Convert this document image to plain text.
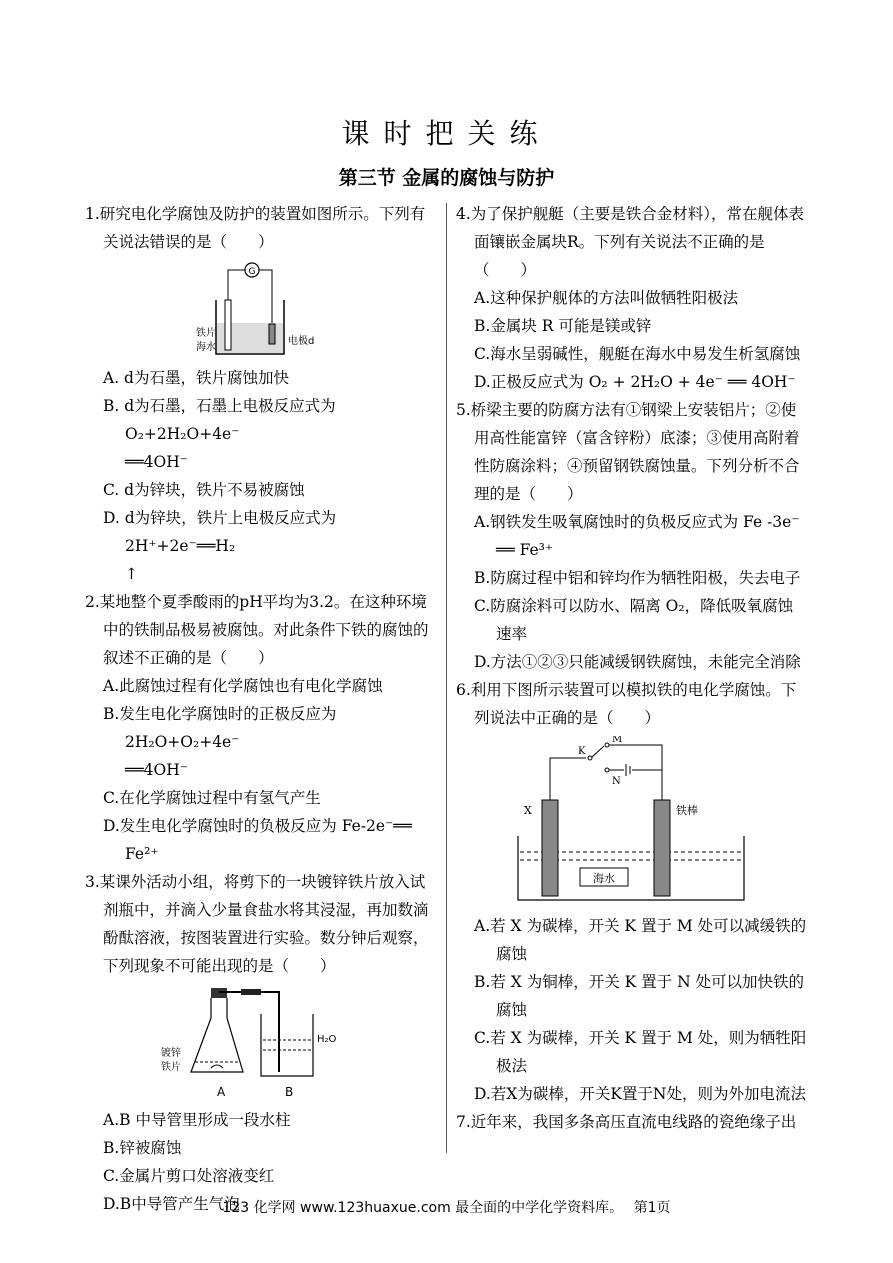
课时把关练
第三节 金属的腐蚀与防护
1.研究电化学腐蚀及防护的装置如图所示。下列有关说法错误的是（　　）
G
铁片
海水
电极d
A. d为石墨，铁片腐蚀加快
B. d为石墨，石墨上电极反应式为 O₂+2H₂O+4e⁻
══4OH⁻
C. d为锌块，铁片不易被腐蚀
D. d为锌块，铁片上电极反应式为 2H⁺+2e⁻══H₂
↑
2.某地整个夏季酸雨的pH平均为3.2。在这种环境中的铁制品极易被腐蚀。对此条件下铁的腐蚀的叙述不正确的是（　　）
A.此腐蚀过程有化学腐蚀也有电化学腐蚀
B.发生电化学腐蚀时的正极反应为 2H₂O+O₂+4e⁻
══4OH⁻
C.在化学腐蚀过程中有氢气产生
D.发生电化学腐蚀时的负极反应为 Fe-2e⁻══
Fe²⁺
3.某课外活动小组，将剪下的一块镀锌铁片放入试剂瓶中，并滴入少量食盐水将其浸湿，再加数滴酚酞溶液，按图装置进行实验。数分钟后观察，下列现象不可能出现的是（　　）
镀锌
铁片
H₂O
A	B
A.B 中导管里形成一段水柱
B.锌被腐蚀
C.金属片剪口处溶液变红
D.B中导管产生气泡
4.为了保护舰艇（主要是铁合金材料），常在舰体表面镶嵌金属块R。下列有关说法不正确的是（　　）
A.这种保护舰体的方法叫做牺牲阳极法
B.金属块 R 可能是镁或锌
C.海水呈弱碱性，舰艇在海水中易发生析氢腐蚀
D.正极反应式为 O₂ + 2H₂O + 4e⁻ ══ 4OH⁻
5.桥梁主要的防腐方法有①钢梁上安装铝片；②使用高性能富锌（富含锌粉）底漆；③使用高附着性防腐涂料；④预留钢铁腐蚀量。下列分析不合理的是（　　）
A.钢铁发生吸氧腐蚀时的负极反应式为 Fe -3e⁻
══ Fe³⁺
B.防腐过程中铝和锌均作为牺牲阳极，失去电子
C.防腐涂料可以防水、隔离 O₂，降低吸氧腐蚀速率
D.方法①②③只能减缓钢铁腐蚀，未能完全消除
6.利用下图所示装置可以模拟铁的电化学腐蚀。下列说法中正确的是（　　）
K
M
N
海水
X	铁棒
A.若 X 为碳棒，开关 K 置于 M 处可以减缓铁的腐蚀
B.若 X 为铜棒，开关 K 置于 N 处可以加快铁的腐蚀
C.若 X 为碳棒，开关 K 置于 M 处，则为牺牲阳极法
D.若X为碳棒，开关K置于N处，则为外加电流法
7.近年来，我国多条高压直流电线路的瓷绝缘子出
123 化学网 www.123huaxue.com 最全面的中学化学资料库。 第1页
